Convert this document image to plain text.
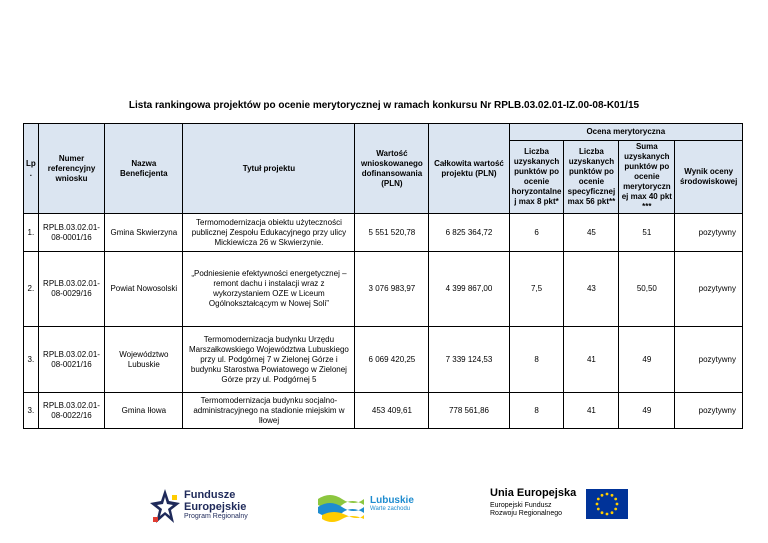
Lista rankingowa projektów po ocenie merytorycznej w ramach konkursu Nr RPLB.03.02.01-IZ.00-08-K01/15
Lp.	Numer referencyjny wniosku	Nazwa Beneficjenta	Tytuł projektu	Wartość wnioskowanego dofinansowania (PLN)	Całkowita wartość projektu (PLN)	Ocena merytoryczna			
						Liczba uzyskanych punktów po ocenie horyzontalnej max 8 pkt*	Liczba uzyskanych punktów po ocenie specyficznej max 56 pkt**	Suma uzyskanych punktów po ocenie merytorycznej max 40 pkt ***	Wynik oceny środowiskowej
1.	RPLB.03.02.01-08-0001/16	Gmina Skwierzyna	Termomodernizacja obiektu użyteczności publicznej Zespołu Edukacyjnego przy ulicy Mickiewicza 26 w Skwierzynie.	5 551 520,78	6 825 364,72	6	45	51	pozytywny
2.	RPLB.03.02.01-08-0029/16	Powiat Nowosolski	„Podniesienie efektywności energetycznej – remont dachu i instalacji wraz z wykorzystaniem OZE w Liceum Ogólnokształcącym w Nowej Soli”	3 076 983,97	4 399 867,00	7,5	43	50,50	pozytywny
3.	RPLB.03.02.01-08-0021/16	Województwo Lubuskie	Termomodernizacja budynku Urzędu Marszałkowskiego Województwa Lubuskiego przy ul. Podgórnej 7 w Zielonej Górze i budynku Starostwa Powiatowego w Zielonej Górze przy ul. Podgórnej 5	6 069 420,25	7 339 124,53	8	41	49	pozytywny
3.	RPLB.03.02.01-08-0022/16	Gmina Iłowa	Termomodernizacja budynku socjalno-administracyjnego na stadionie miejskim w Iłowej	453 409,61	778 561,86	8	41	49	pozytywny
Fundusze
Europejskie
Program Regionalny
Lubuskie
Warte zachodu
Unia Europejska
Europejski Fundusz
Rozwoju Regionalnego
